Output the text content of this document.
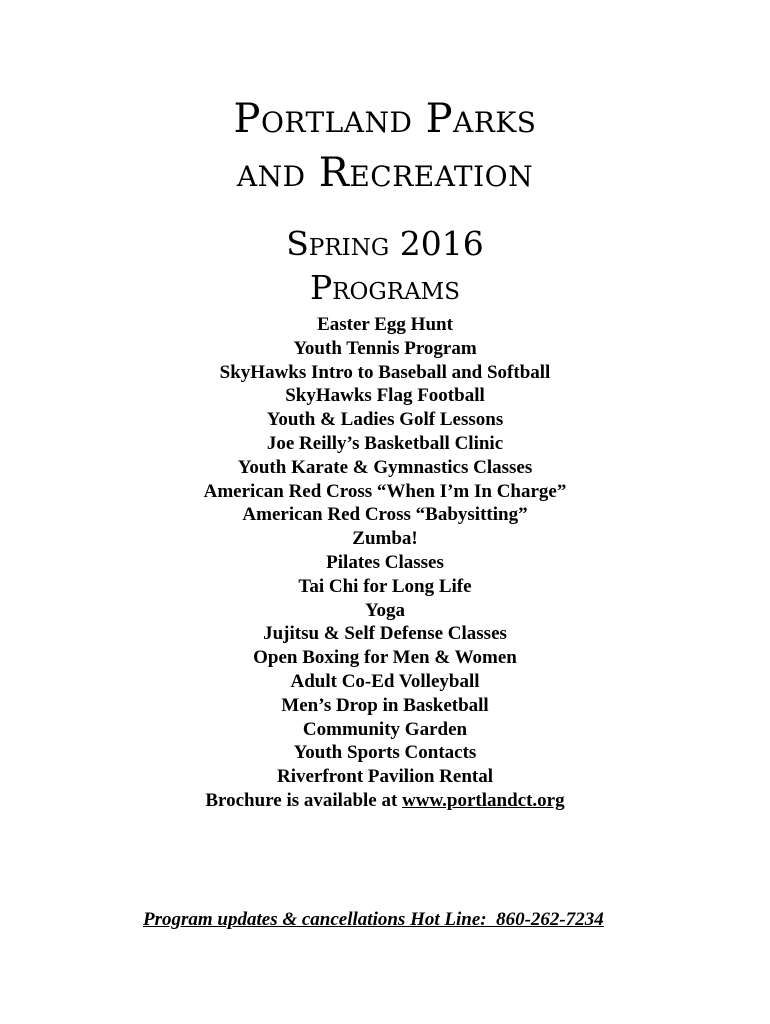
Portland Parks
and Recreation
Spring 2016
Programs
Easter Egg Hunt
Youth Tennis Program
SkyHawks Intro to Baseball and Softball
SkyHawks Flag Football
Youth & Ladies Golf Lessons
Joe Reilly’s Basketball Clinic
Youth Karate & Gymnastics Classes
American Red Cross “When I’m In Charge”
American Red Cross “Babysitting”
Zumba!
Pilates Classes
Tai Chi for Long Life
Yoga
Jujitsu & Self Defense Classes
Open Boxing for Men & Women
Adult Co-Ed Volleyball
Men’s Drop in Basketball
Community Garden
Youth Sports Contacts
Riverfront Pavilion Rental
Brochure is available at www.portlandct.org
Program updates & cancellations Hot Line:  860-262-7234
